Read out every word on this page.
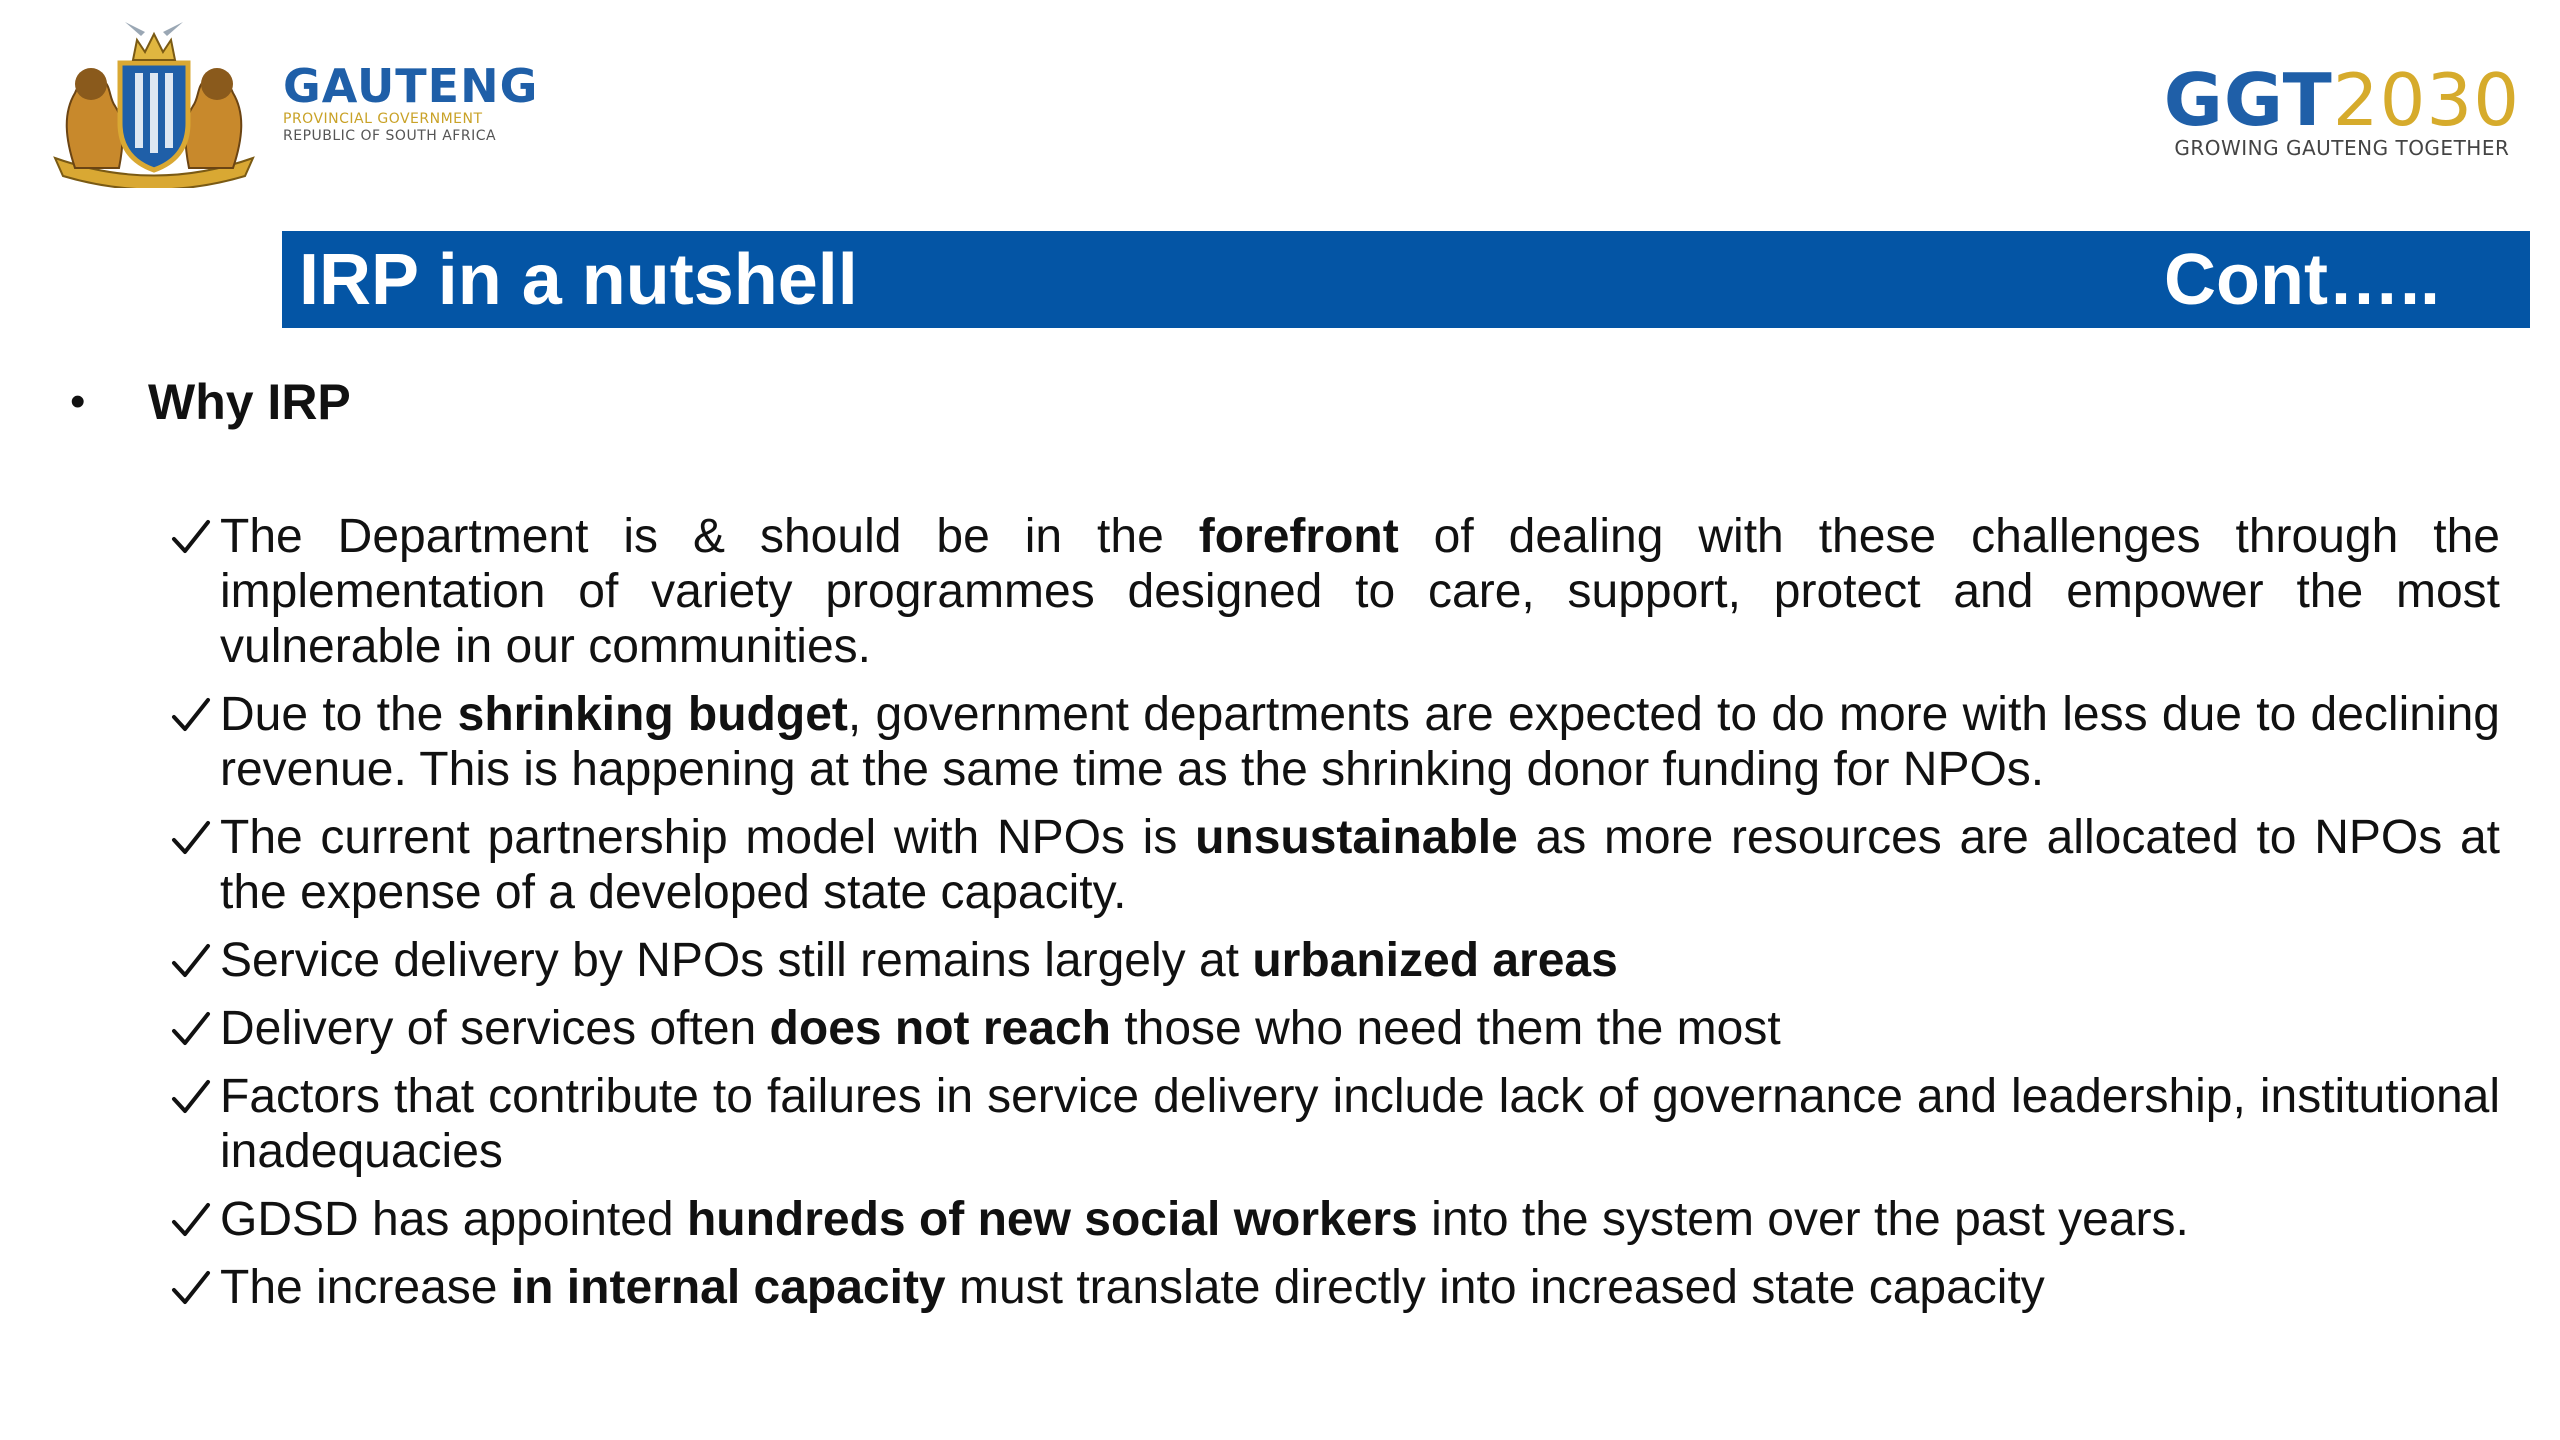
GAUTENG
PROVINCIAL GOVERNMENT
REPUBLIC OF SOUTH AFRICA	GGT2030
GROWING GAUTENG TOGETHER
IRP in a nutshell	Cont…..
•	Why IRP
The Department is & should be in the forefront of dealing with these challenges through the implementation of variety programmes designed to care, support, protect and empower the most vulnerable in our communities.
Due to the shrinking budget, government departments are expected to do more with less due to declining revenue. This is happening at the same time as the shrinking donor funding for NPOs.
The current partnership model with NPOs is unsustainable as more resources are allocated to NPOs at the expense of a developed state capacity.
Service delivery by NPOs still remains largely at urbanized areas
Delivery of services often does not reach those who need them the most
Factors that contribute to failures in service delivery include lack of governance and leadership, institutional inadequacies
GDSD has appointed hundreds of new social workers into the system over the past years.
The increase in internal capacity must translate directly into increased state capacity
